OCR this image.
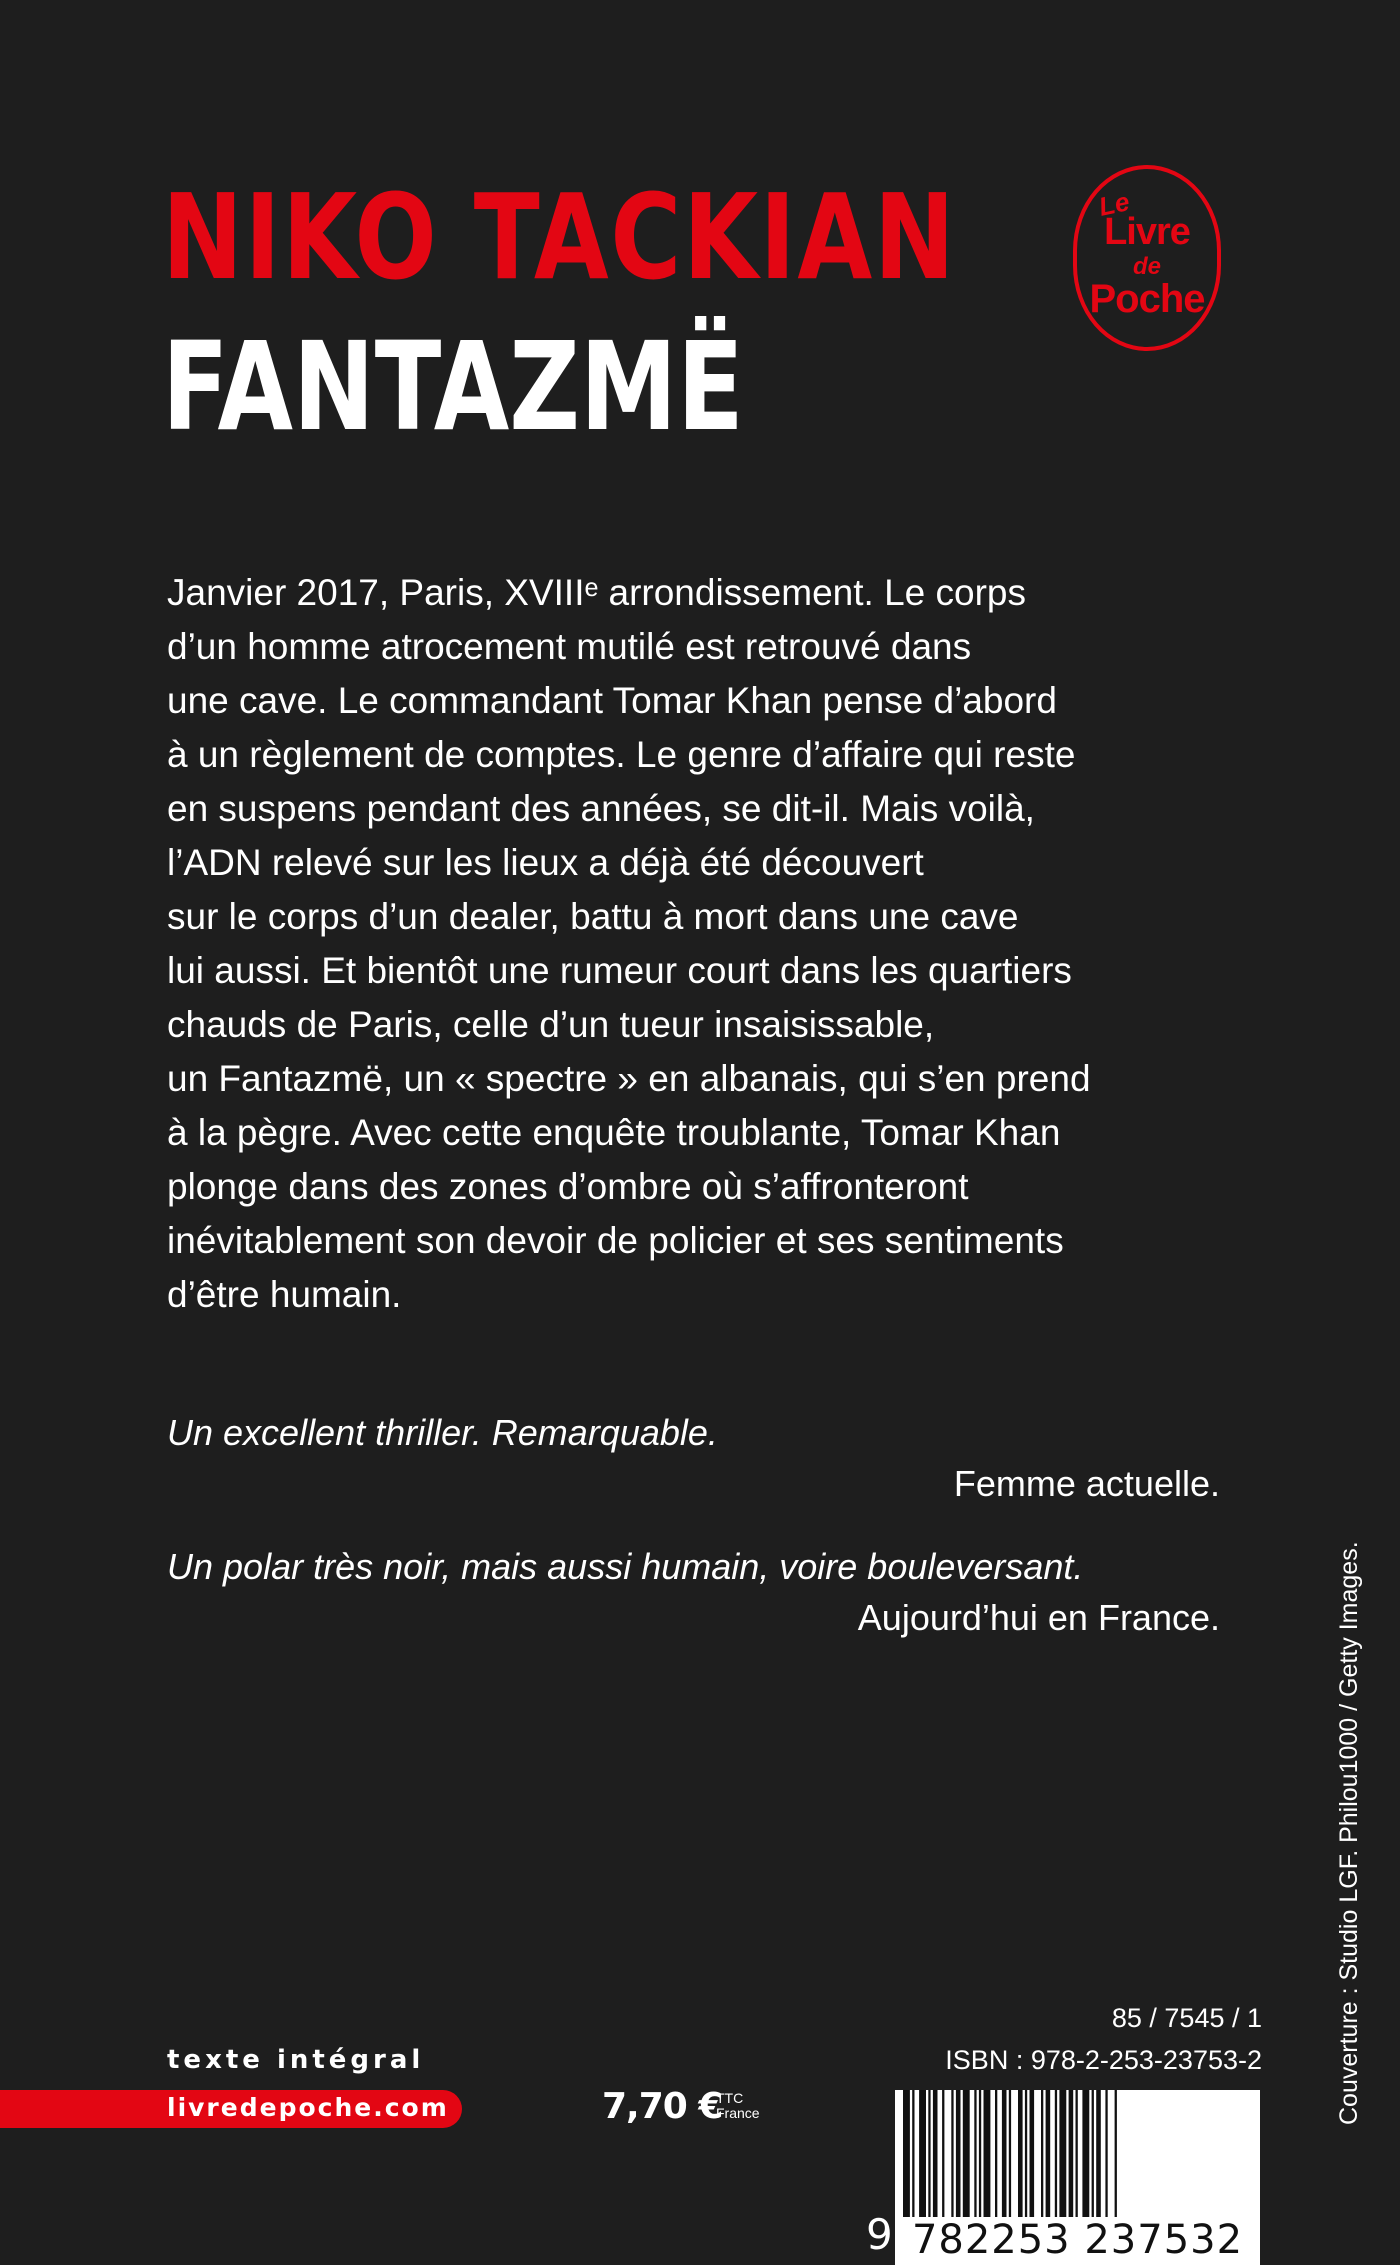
NIKO TACKIAN
FANTAZMË
Le
Livre
de
Poche
Janvier 2017, Paris, XVIIIᵉ arrondissement. Le corps
d’un homme atrocement mutilé est retrouvé dans
une cave. Le commandant Tomar Khan pense d’abord
à un règlement de comptes. Le genre d’affaire qui reste
en suspens pendant des années, se dit-il. Mais voilà,
l’ADN relevé sur les lieux a déjà été découvert
sur le corps d’un dealer, battu à mort dans une cave
lui aussi. Et bientôt une rumeur court dans les quartiers
chauds de Paris, celle d’un tueur insaisissable,
un Fantazmë, un « spectre » en albanais, qui s’en prend
à la pègre. Avec cette enquête troublante, Tomar Khan
plonge dans des zones d’ombre où s’affronteront
inévitablement son devoir de policier et ses sentiments
d’être humain.
Un excellent thriller. Remarquable.
Femme actuelle.
Un polar très noir, mais aussi humain, voire bouleversant.
Aujourd’hui en France.	Couverture : Studio LGF. Philou1000 / Getty Images.
texte intégral
livredepoche.com	7,70 €
TTC
France
85 / 7545 / 1
ISBN : 978-2-253-23753-2
9 782253 237532
